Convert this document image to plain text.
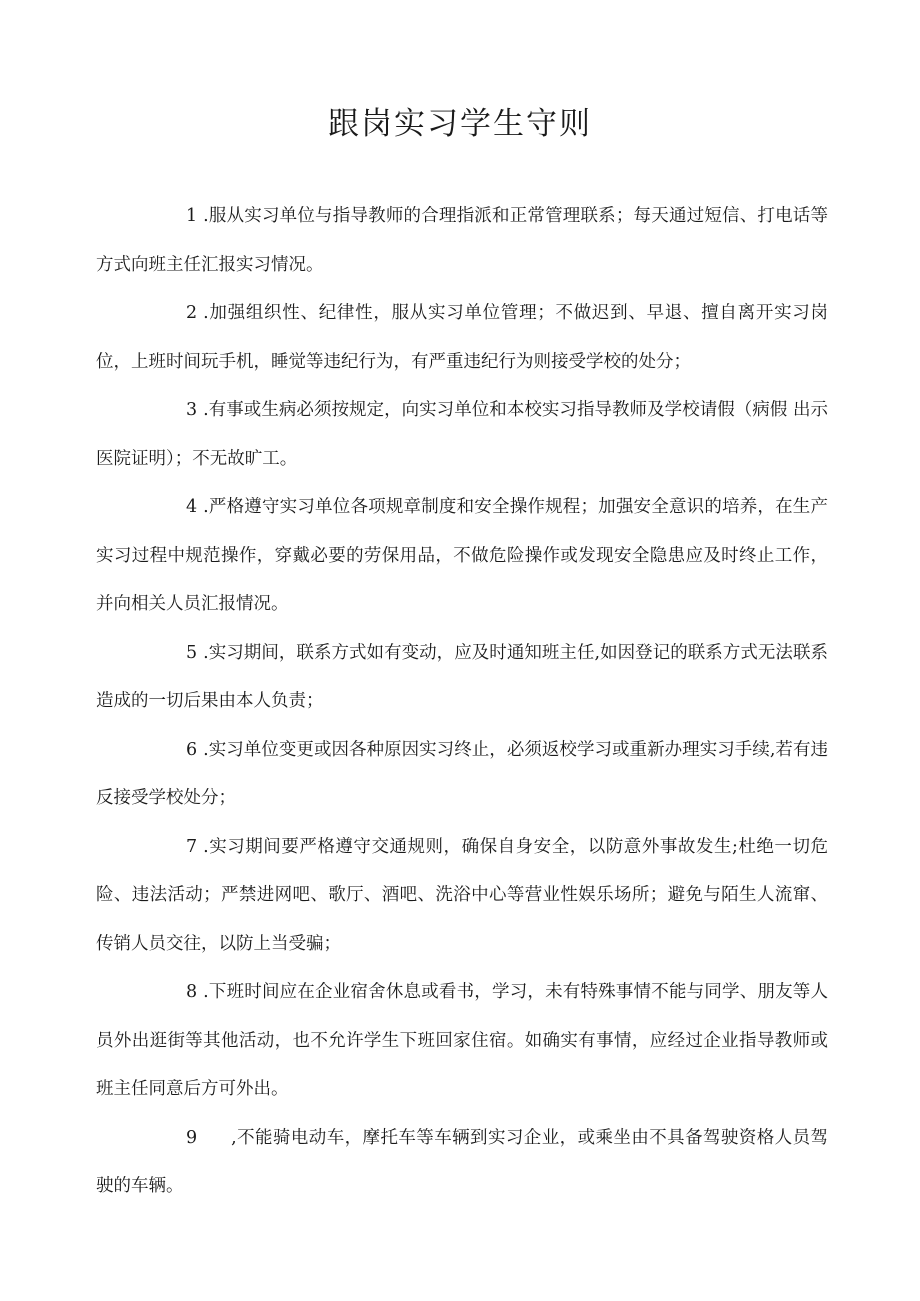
跟岗实习学生守则
1 .服从实习单位与指导教师的合理指派和正常管理联系；每天通过短信、打电话等方式向班主任汇报实习情况。
2 .加强组织性、纪律性，服从实习单位管理；不做迟到、早退、擅自离开实习岗位，上班时间玩手机，睡觉等违纪行为，有严重违纪行为则接受学校的处分；
3 .有事或生病必须按规定，向实习单位和本校实习指导教师及学校请假（病假 出示医院证明）；不无故旷工。
4 .严格遵守实习单位各项规章制度和安全操作规程；加强安全意识的培养，在生产实习过程中规范操作，穿戴必要的劳保用品，不做危险操作或发现安全隐患应及时终止工作，并向相关人员汇报情况。
5 .实习期间，联系方式如有变动，应及时通知班主任,如因登记的联系方式无法联系造成的一切后果由本人负责；
6 .实习单位变更或因各种原因实习终止，必须返校学习或重新办理实习手续,若有违反接受学校处分；
7 .实习期间要严格遵守交通规则，确保自身安全，以防意外事故发生;杜绝一切危险、违法活动；严禁进网吧、歌厅、酒吧、洗浴中心等营业性娱乐场所；避免与陌生人流窜、传销人员交往，以防上当受骗；
8 .下班时间应在企业宿舍休息或看书，学习，未有特殊事情不能与同学、朋友等人员外出逛街等其他活动，也不允许学生下班回家住宿。如确实有事情，应经过企业指导教师或班主任同意后方可外出。
9 ,不能骑电动车，摩托车等车辆到实习企业，或乘坐由不具备驾驶资格人员驾驶的车辆。
